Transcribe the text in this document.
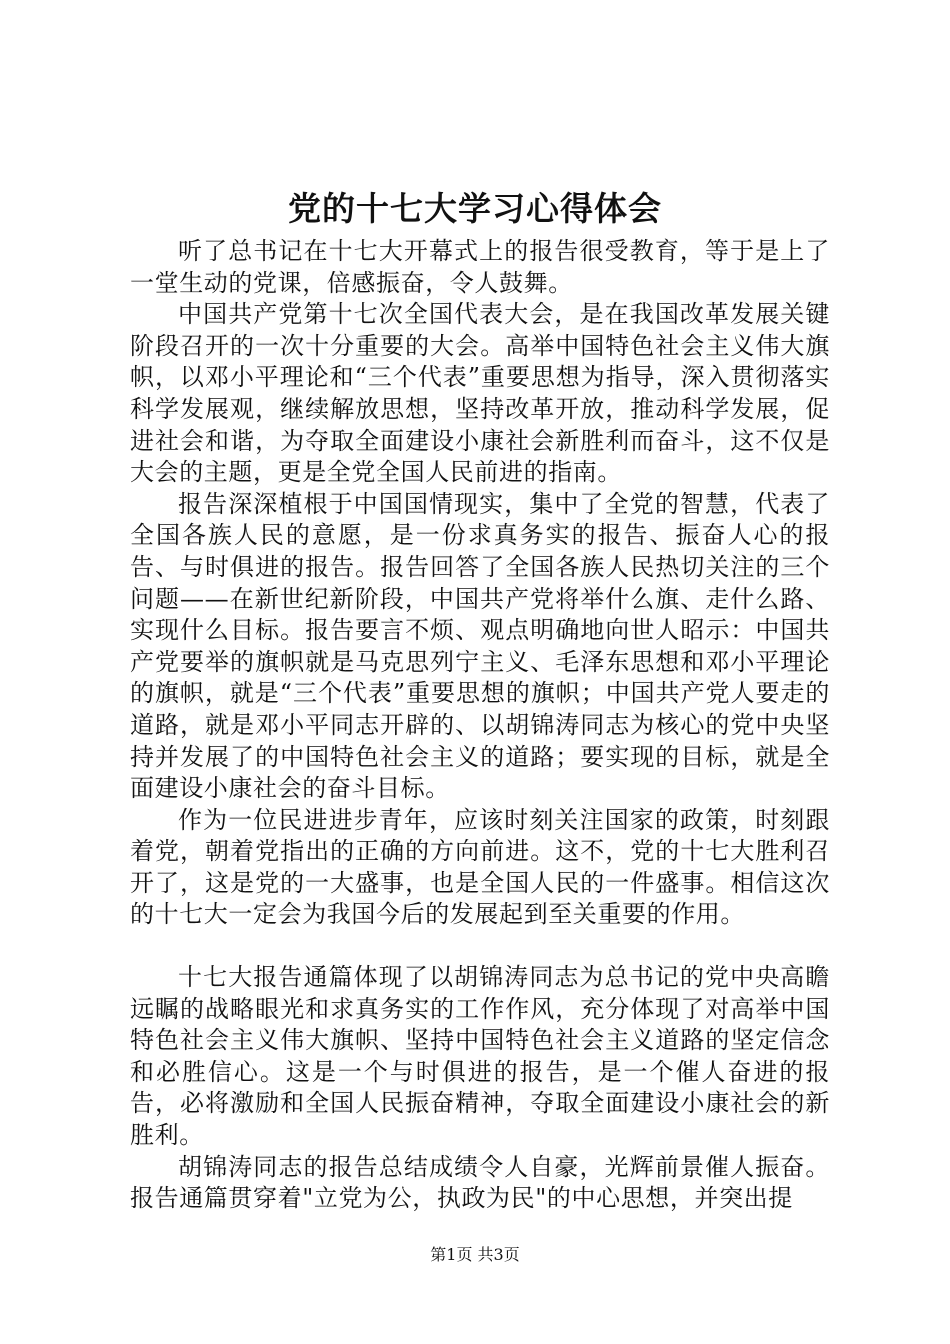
党的十七大学习心得体会

听了总书记在十七大开幕式上的报告很受教育，等于是上了一堂生动的党课，倍感振奋，令人鼓舞。

中国共产党第十七次全国代表大会，是在我国改革发展关键阶段召开的一次十分重要的大会。高举中国特色社会主义伟大旗帜，以邓小平理论和“三个代表”重要思想为指导，深入贯彻落实科学发展观，继续解放思想，坚持改革开放，推动科学发展，促进社会和谐，为夺取全面建设小康社会新胜利而奋斗，这不仅是大会的主题，更是全党全国人民前进的指南。

报告深深植根于中国国情现实，集中了全党的智慧，代表了全国各族人民的意愿，是一份求真务实的报告、振奋人心的报告、与时俱进的报告。报告回答了全国各族人民热切关注的三个问题——在新世纪新阶段，中国共产党将举什么旗、走什么路、实现什么目标。报告要言不烦、观点明确地向世人昭示：中国共产党要举的旗帜就是马克思列宁主义、毛泽东思想和邓小平理论的旗帜，就是“三个代表”重要思想的旗帜；中国共产党人要走的道路，就是邓小平同志开辟的、以胡锦涛同志为核心的党中央坚持并发展了的中国特色社会主义的道路；要实现的目标，就是全面建设小康社会的奋斗目标。

作为一位民进进步青年，应该时刻关注国家的政策，时刻跟着党，朝着党指出的正确的方向前进。这不，党的十七大胜利召开了，这是党的一大盛事，也是全国人民的一件盛事。相信这次的十七大一定会为我国今后的发展起到至关重要的作用。

十七大报告通篇体现了以胡锦涛同志为总书记的党中央高瞻远瞩的战略眼光和求真务实的工作作风，充分体现了对高举中国特色社会主义伟大旗帜、坚持中国特色社会主义道路的坚定信念和必胜信心。这是一个与时俱进的报告，是一个催人奋进的报告，必将激励和全国人民振奋精神，夺取全面建设小康社会的新胜利。

胡锦涛同志的报告总结成绩令人自豪，光辉前景催人振奋。报告通篇贯穿着"立党为公，执政为民"的中心思想，并突出提

第1页 共3页
